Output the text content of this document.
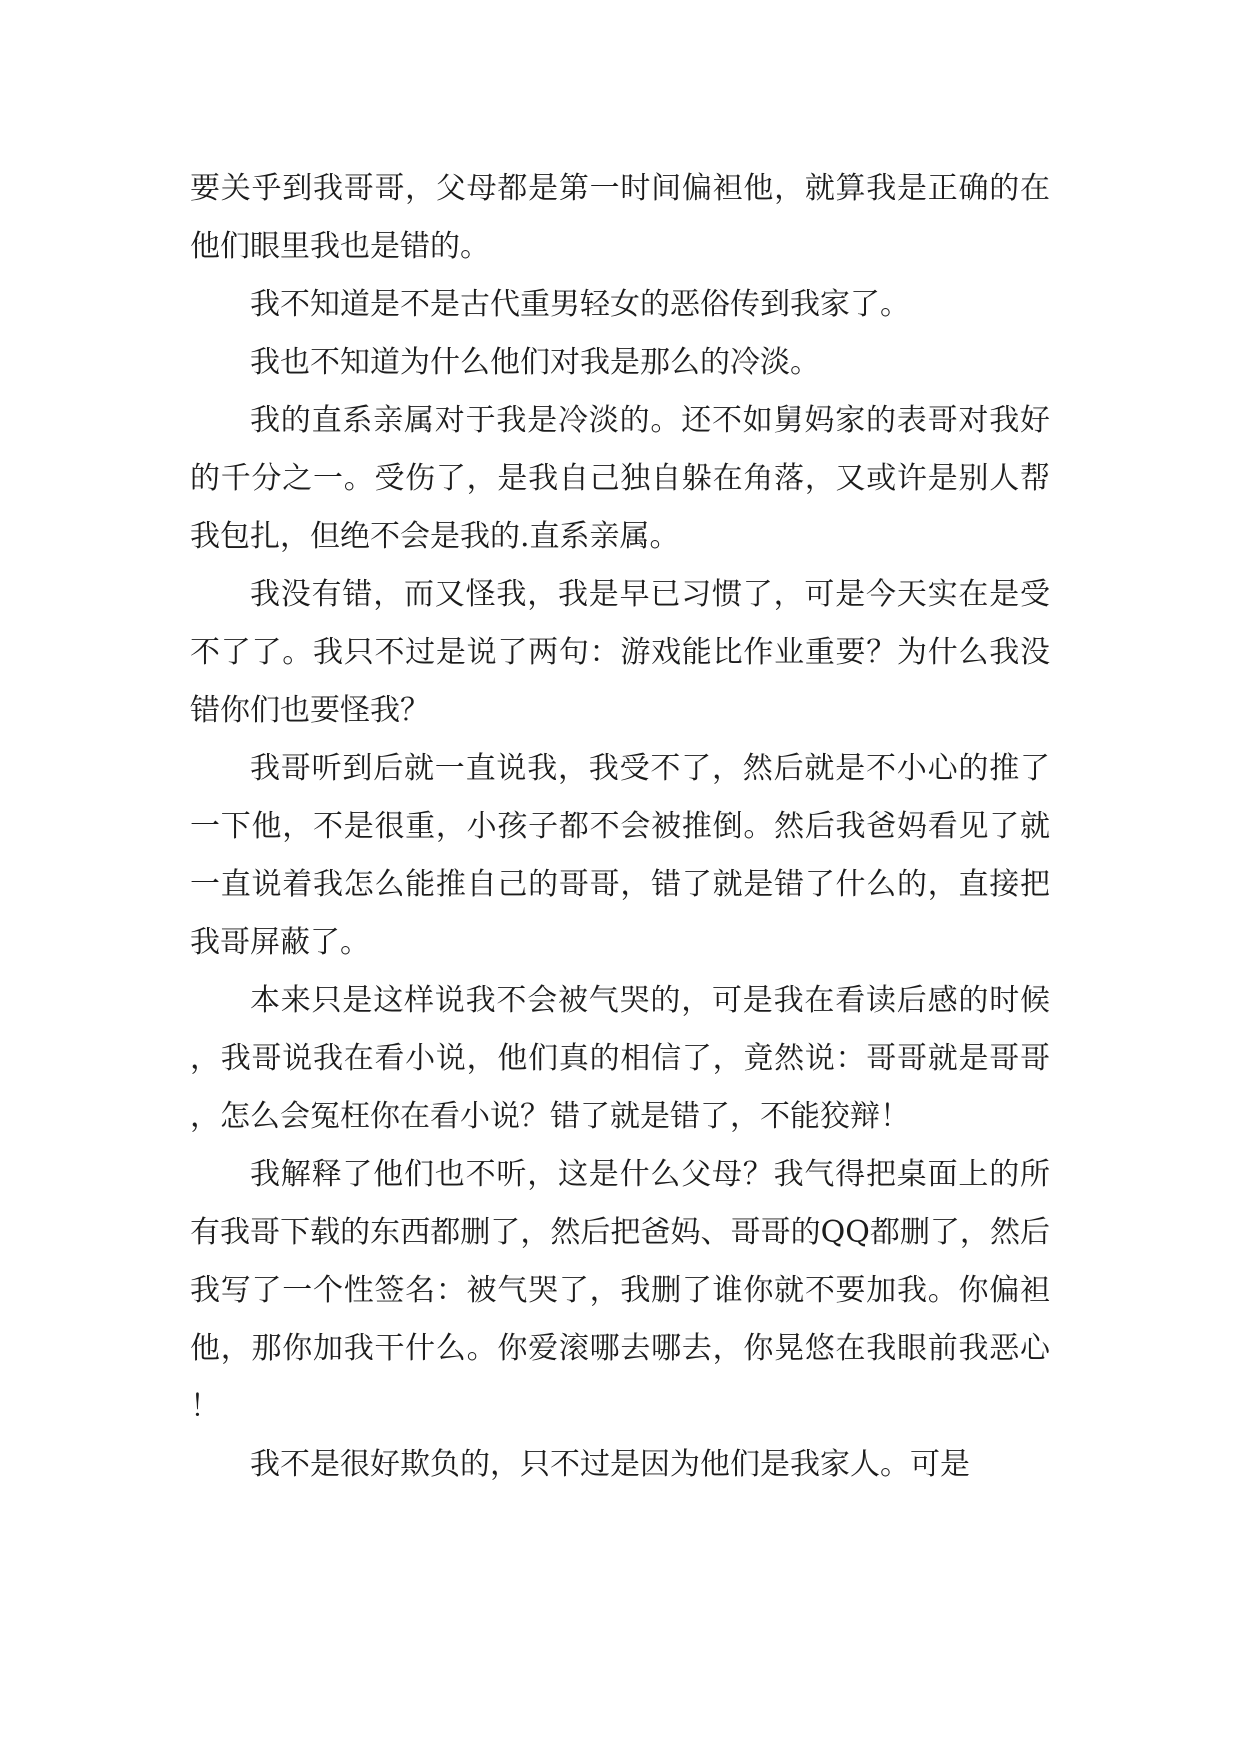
要关乎到我哥哥，父母都是第一时间偏袒他，就算我是正确的在他们眼里我也是错的。

我不知道是不是古代重男轻女的恶俗传到我家了。

我也不知道为什么他们对我是那么的冷淡。

我的直系亲属对于我是冷淡的。还不如舅妈家的表哥对我好的千分之一。受伤了，是我自己独自躲在角落，又或许是别人帮我包扎，但绝不会是我的.直系亲属。

我没有错，而又怪我，我是早已习惯了，可是今天实在是受不了了。我只不过是说了两句：游戏能比作业重要？为什么我没错你们也要怪我？

我哥听到后就一直说我，我受不了，然后就是不小心的推了一下他，不是很重，小孩子都不会被推倒。然后我爸妈看见了就一直说着我怎么能推自己的哥哥，错了就是错了什么的，直接把我哥屏蔽了。

本来只是这样说我不会被气哭的，可是我在看读后感的时候，我哥说我在看小说，他们真的相信了，竟然说：哥哥就是哥哥，怎么会冤枉你在看小说？错了就是错了，不能狡辩！

我解释了他们也不听，这是什么父母？我气得把桌面上的所有我哥下载的东西都删了，然后把爸妈、哥哥的QQ都删了，然后我写了一个性签名：被气哭了，我删了谁你就不要加我。你偏袒他，那你加我干什么。你爱滚哪去哪去，你晃悠在我眼前我恶心！

我不是很好欺负的，只不过是因为他们是我家人。可是
